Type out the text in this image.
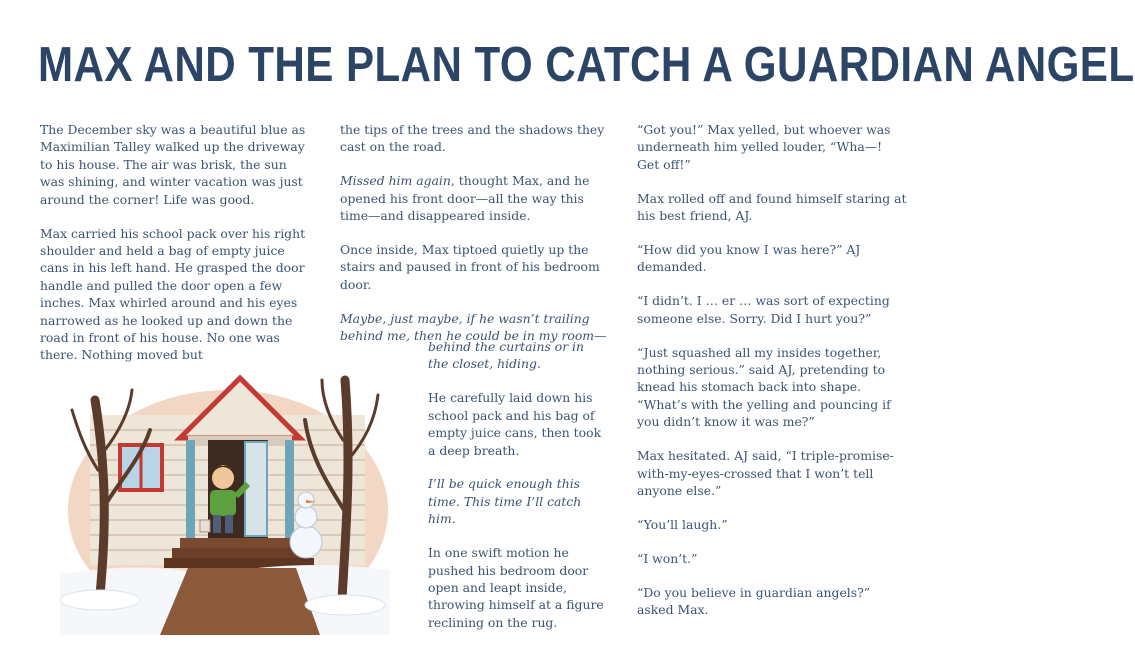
MAX AND THE PLAN TO CATCH A GUARDIAN ANGEL

The December sky was a beautiful blue as Maximilian Talley walked up the driveway to his house. The air was brisk, the sun was shining, and winter vacation was just around the corner! Life was good.

Max carried his school pack over his right shoulder and held a bag of empty juice cans in his left hand. He grasped the door handle and pulled the door open a few inches. Max whirled around and his eyes narrowed as he looked up and down the road in front of his house. No one was there. Nothing moved but

the tips of the trees and the shadows they cast on the road.

Missed him again, thought Max, and he opened his front door—all the way this time—and disappeared inside.

Once inside, Max tiptoed quietly up the stairs and paused in front of his bedroom door.

Maybe, just maybe, if he wasn’t trailing behind me, then he could be in my room—

behind the curtains or in the closet, hiding.

He carefully laid down his school pack and his bag of empty juice cans, then took a deep breath.

I’ll be quick enough this time. This time I’ll catch him.

In one swift motion he pushed his bedroom door open and leapt inside, throwing himself at a figure reclining on the rug.

“Got you!” Max yelled, but whoever was underneath him yelled louder, “Wha—! Get off!”

Max rolled off and found himself staring at his best friend, AJ.

“How did you know I was here?” AJ demanded.

“I didn’t. I … er … was sort of expecting someone else. Sorry. Did I hurt you?”

“Just squashed all my insides together, nothing serious.” said AJ, pretending to knead his stomach back into shape. “What’s with the yelling and pouncing if you didn’t know it was me?”

Max hesitated. AJ said, “I triple-promise-with-my-eyes-crossed that I won’t tell anyone else.”

“You’ll laugh.”

“I won’t.”

“Do you believe in guardian angels?” asked Max.
